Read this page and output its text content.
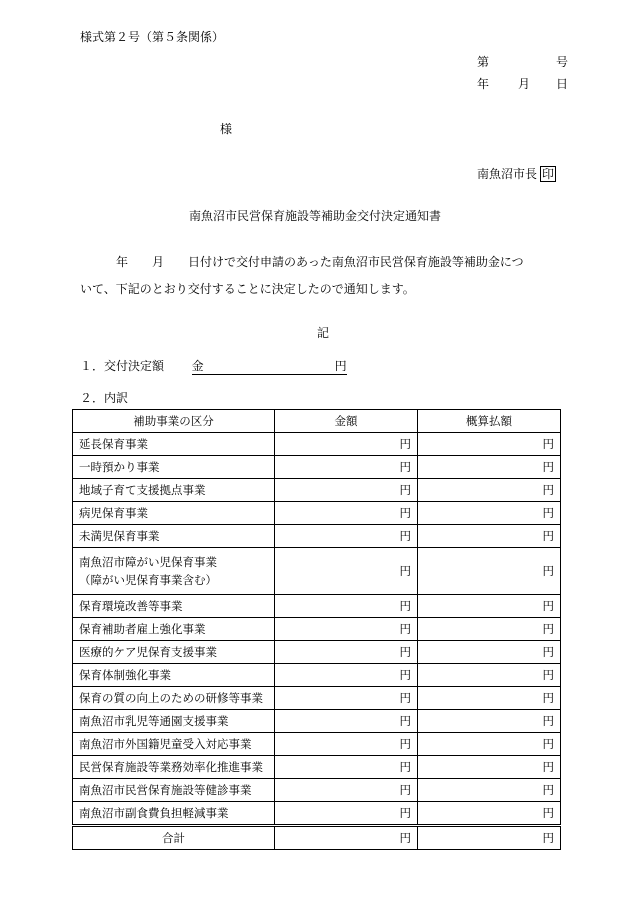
様式第２号（第５条関係）
第	号
年 月 日
様
南魚沼市長 印
南魚沼市民営保育施設等補助金交付決定通知書
　　　年　　月　　日付けで交付申請のあった南魚沼市民営保育施設等補助金につ
いて、下記のとおり交付することに決定したので通知します。
記
１．交付決定額 金	円
２．内訳
補助事業の区分	金額	概算払額
延長保育事業	円	円
一時預かり事業	円	円
地域子育て支援拠点事業	円	円
病児保育事業	円	円
未満児保育事業	円	円

南魚沼市障がい児保育事業
（障がい児保育事業含む）	円	円
保育環境改善等事業	円	円
保育補助者雇上強化事業	円	円
医療的ケア児保育支援事業	円	円
保育体制強化事業	円	円
保育の質の向上のための研修等事業	円	円
南魚沼市乳児等通園支援事業	円	円
南魚沼市外国籍児童受入対応事業	円	円
民営保育施設等業務効率化推進事業	円	円
南魚沼市民営保育施設等健診事業	円	円
南魚沼市副食費負担軽減事業	円	円
合計	円	円
